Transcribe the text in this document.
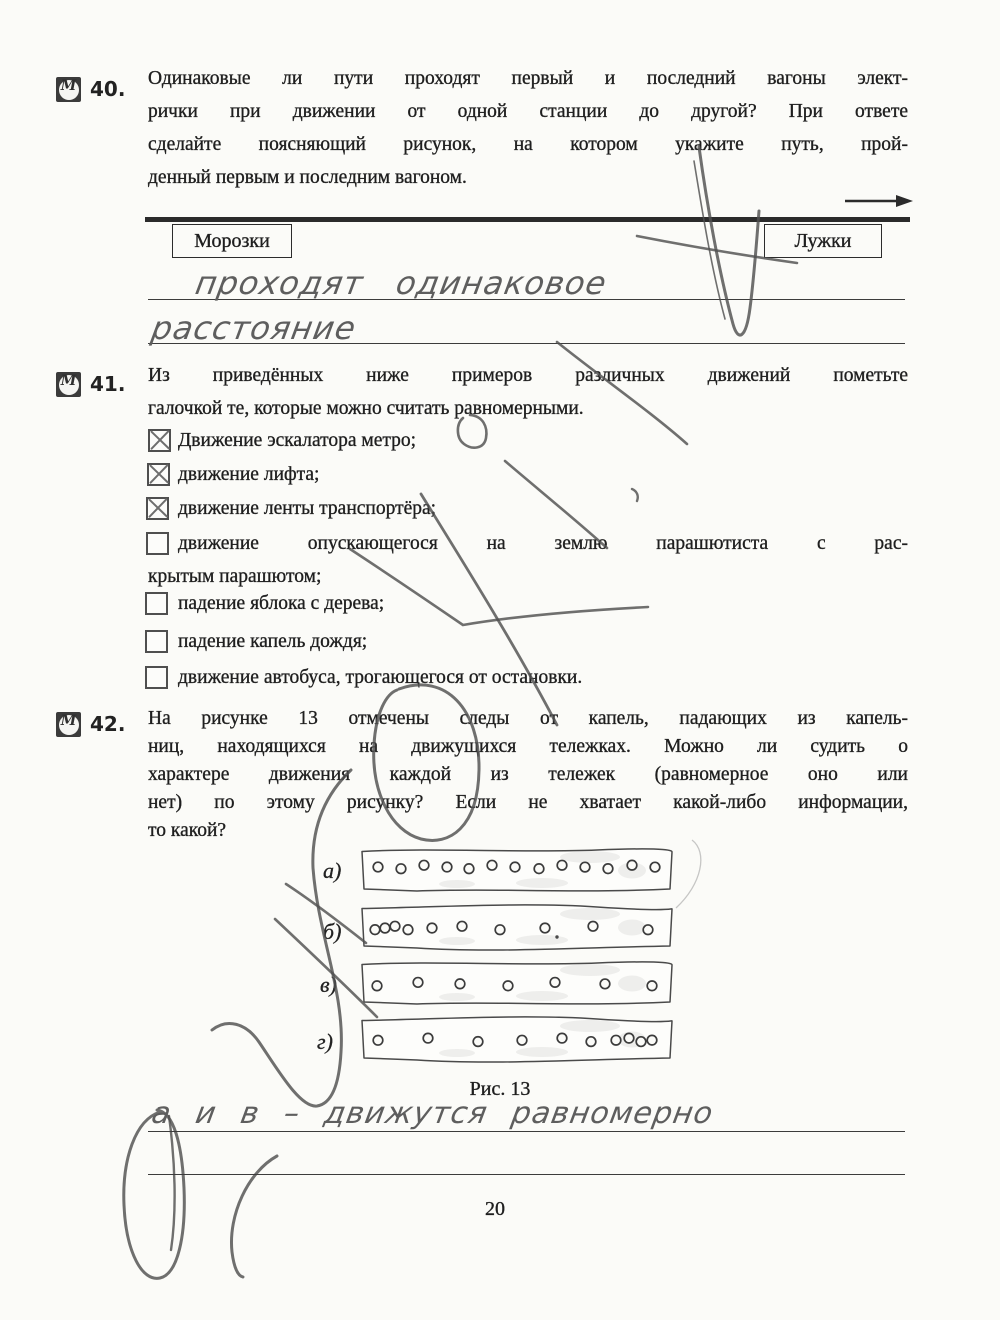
М 40. Одинаковые ли пути проходят первый и последний вагоны элект-
рички при движении от одной станции до другой? При ответе
сделайте поясняющий рисунок, на котором укажите путь, прой-
денный первым и последним вагоном.
Морозки	Лужки
проходят одинаковое
расстояние
М 41. Из приведённых ниже примеров различных движений пометьте
галочкой те, которые можно считать равномерными.
Движение эскалатора метро;
движение лифта;
движение ленты транспортёра;
движение опускающегося на землю парашютиста с рас-
крытым парашютом;
падение яблока с дерева;
падение капель дождя;
движение автобуса, трогающегося от остановки.
М 42. На рисунке 13 отмечены следы от капель, падающих из капель-
ниц, находящихся на движущихся тележках. Можно ли судить о
характере движения каждой из тележек (равномерное оно или
нет) по этому рисунку? Если не хватает какой-либо информации,
то какой?
а)
б)
в)
г)
Рис. 13
а и в – движутся равномерно
20
